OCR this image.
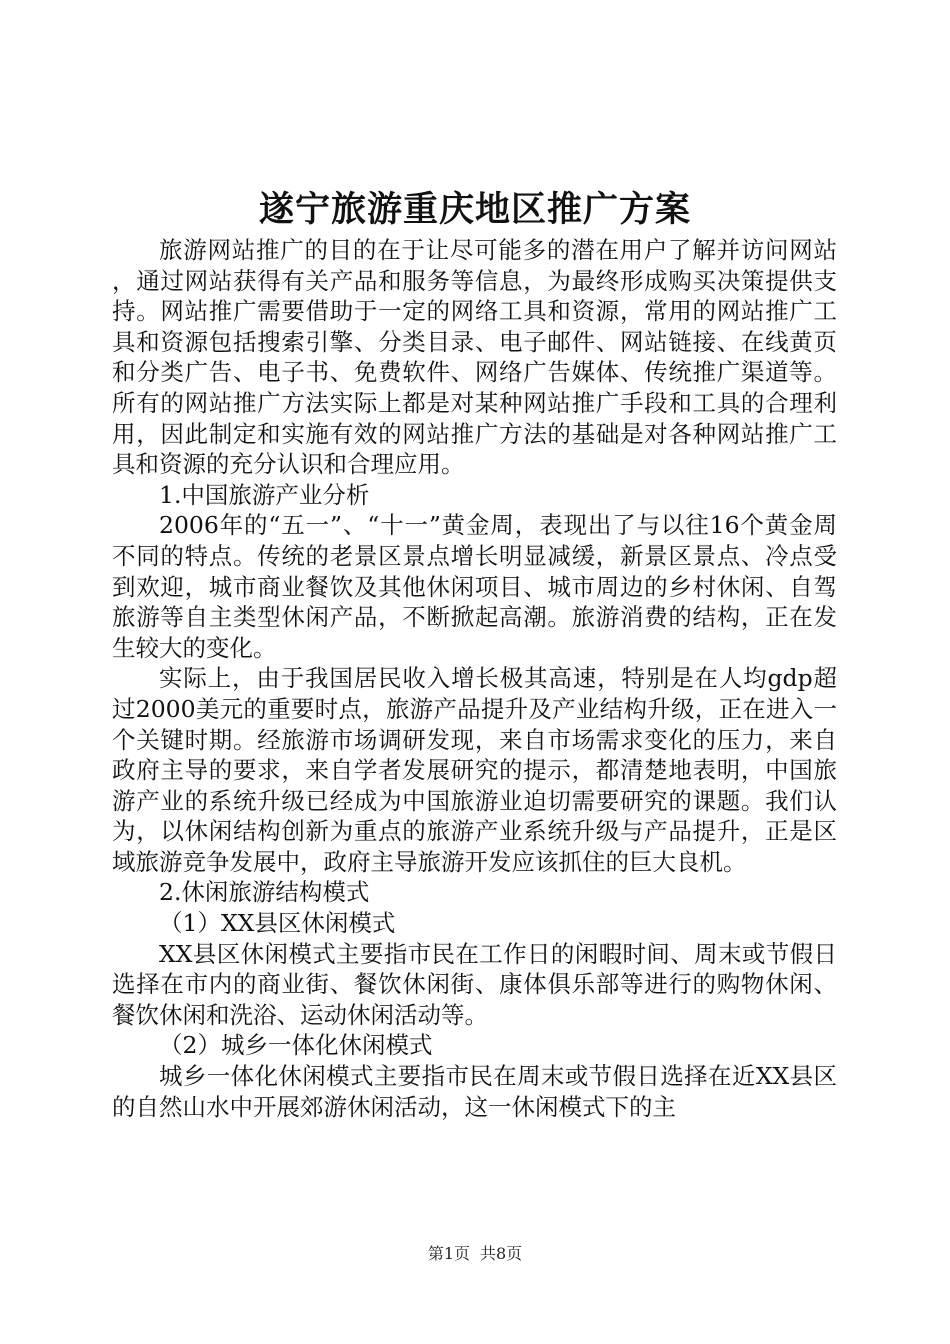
遂宁旅游重庆地区推广方案

旅游网站推广的目的在于让尽可能多的潜在用户了解并访问网站，通过网站获得有关产品和服务等信息，为最终形成购买决策提供支持。网站推广需要借助于一定的网络工具和资源，常用的网站推广工具和资源包括搜索引擎、分类目录、电子邮件、网站链接、在线黄页和分类广告、电子书、免费软件、网络广告媒体、传统推广渠道等。所有的网站推广方法实际上都是对某种网站推广手段和工具的合理利用，因此制定和实施有效的网站推广方法的基础是对各种网站推广工具和资源的充分认识和合理应用。

1.中国旅游产业分析

2006年的“五一”、“十一”黄金周，表现出了与以往16个黄金周不同的特点。传统的老景区景点增长明显减缓，新景区景点、冷点受到欢迎，城市商业餐饮及其他休闲项目、城市周边的乡村休闲、自驾旅游等自主类型休闲产品，不断掀起高潮。旅游消费的结构，正在发生较大的变化。

实际上，由于我国居民收入增长极其高速，特别是在人均gdp超过2000美元的重要时点，旅游产品提升及产业结构升级，正在进入一个关键时期。经旅游市场调研发现，来自市场需求变化的压力，来自政府主导的要求，来自学者发展研究的提示，都清楚地表明，中国旅游产业的系统升级已经成为中国旅游业迫切需要研究的课题。我们认为，以休闲结构创新为重点的旅游产业系统升级与产品提升，正是区域旅游竞争发展中，政府主导旅游开发应该抓住的巨大良机。

2.休闲旅游结构模式

（1）XX县区休闲模式

XX县区休闲模式主要指市民在工作日的闲暇时间、周末或节假日选择在市内的商业街、餐饮休闲街、康体俱乐部等进行的购物休闲、餐饮休闲和洗浴、运动休闲活动等。

（2）城乡一体化休闲模式

城乡一体化休闲模式主要指市民在周末或节假日选择在近XX县区的自然山水中开展郊游休闲活动，这一休闲模式下的主

第1页 共8页
